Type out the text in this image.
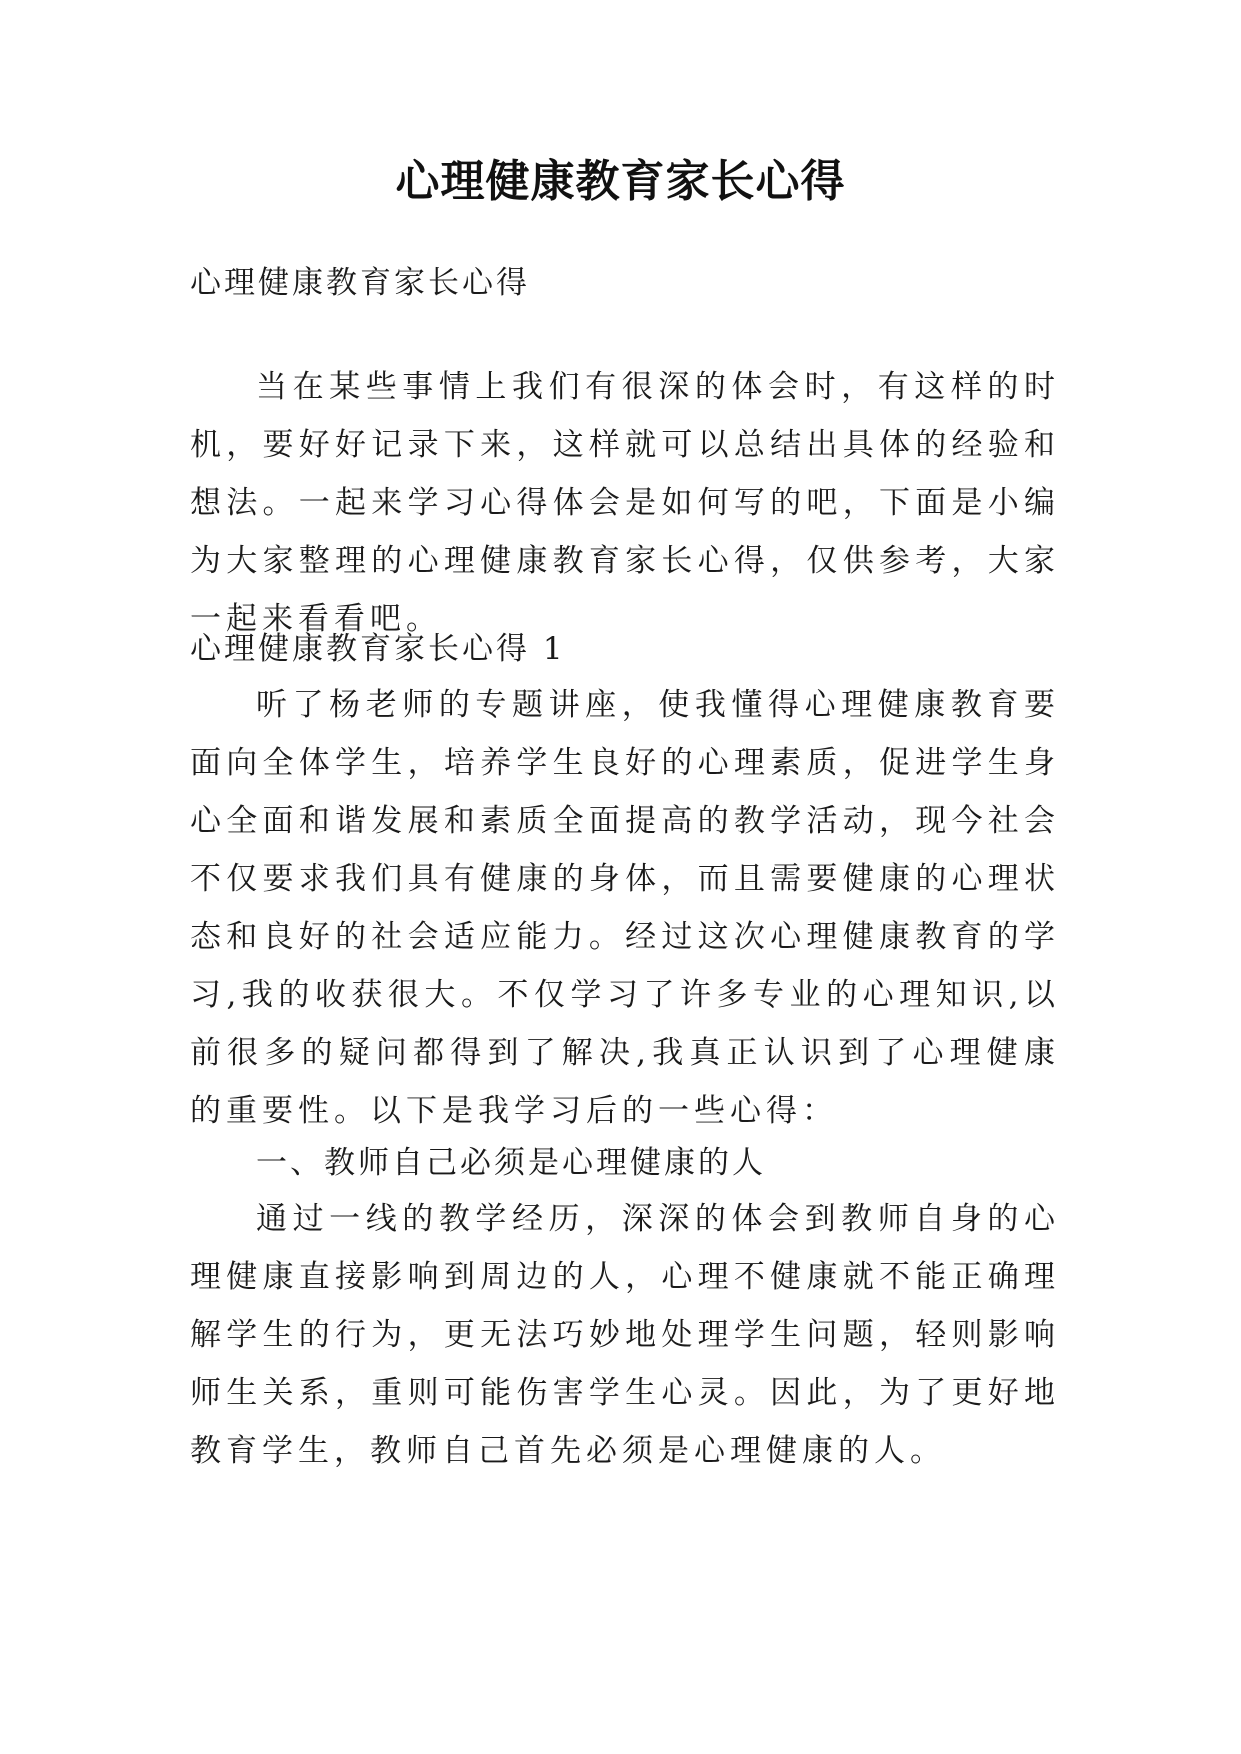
心理健康教育家长心得

心理健康教育家长心得

当在某些事情上我们有很深的体会时，有这样的时机，要好好记录下来，这样就可以总结出具体的经验和想法。一起来学习心得体会是如何写的吧，下面是小编为大家整理的心理健康教育家长心得，仅供参考，大家一起来看看吧。

心理健康教育家长心得 1

听了杨老师的专题讲座，使我懂得心理健康教育要面向全体学生，培养学生良好的心理素质，促进学生身心全面和谐发展和素质全面提高的教学活动，现今社会不仅要求我们具有健康的身体，而且需要健康的心理状态和良好的社会适应能力。经过这次心理健康教育的学习,我的收获很大。不仅学习了许多专业的心理知识,以前很多的疑问都得到了解决,我真正认识到了心理健康的重要性。以下是我学习后的一些心得：

一、教师自己必须是心理健康的人

通过一线的教学经历，深深的体会到教师自身的心理健康直接影响到周边的人，心理不健康就不能正确理解学生的行为，更无法巧妙地处理学生问题，轻则影响师生关系，重则可能伤害学生心灵。因此，为了更好地教育学生，教师自己首先必须是心理健康的人。
